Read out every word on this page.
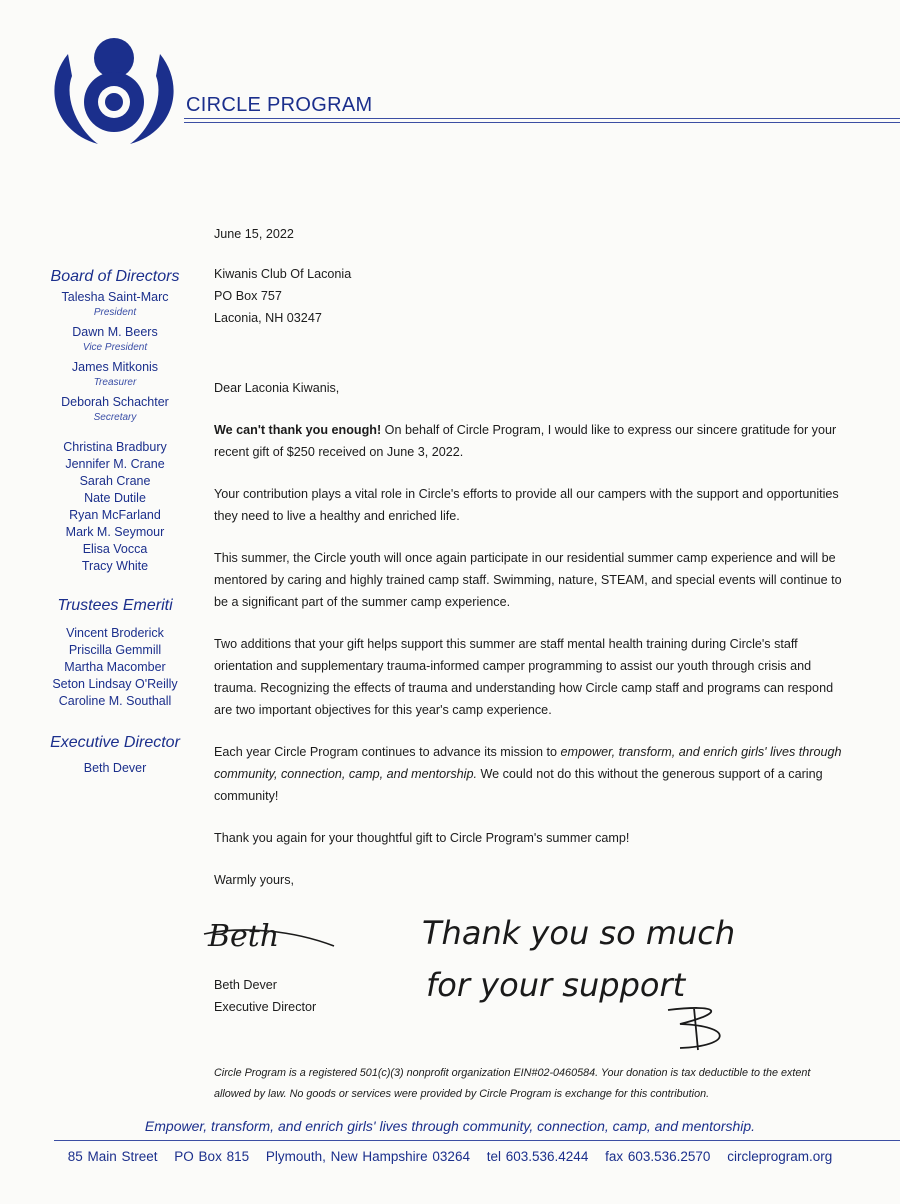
CIRCLE PROGRAM
Board of Directors
Talesha Saint-Marc
President
Dawn M. Beers
Vice President
James Mitkonis
Treasurer
Deborah Schachter
Secretary
Christina Bradbury
Jennifer M. Crane
Sarah Crane
Nate Dutile
Ryan McFarland
Mark M. Seymour
Elisa Vocca
Tracy White
Trustees Emeriti
Vincent Broderick
Priscilla Gemmill
Martha Macomber
Seton Lindsay O'Reilly
Caroline M. Southall
Executive Director
Beth Dever

June 15, 2022

Kiwanis Club Of Laconia

PO Box 757

Laconia, NH 03247

Dear Laconia Kiwanis,

We can't thank you enough! On behalf of Circle Program, I would like to express our sincere gratitude for your recent gift of $250 received on June 3, 2022.

Your contribution plays a vital role in Circle's efforts to provide all our campers with the support and opportunities they need to live a healthy and enriched life.

This summer, the Circle youth will once again participate in our residential summer camp experience and will be mentored by caring and highly trained camp staff. Swimming, nature, STEAM, and special events will continue to be a significant part of the summer camp experience.

Two additions that your gift helps support this summer are staff mental health training during Circle's staff orientation and supplementary trauma-informed camper programming to assist our youth through crisis and trauma. Recognizing the effects of trauma and understanding how Circle camp staff and programs can respond are two important objectives for this year's camp experience.

Each year Circle Program continues to advance its mission to empower, transform, and enrich girls' lives through community, connection, camp, and mentorship. We could not do this without the generous support of a caring community!

Thank you again for your thoughtful gift to Circle Program's summer camp!

Warmly yours,

Beth	Thank you so much
for your support
Beth Dever
Executive Director
Circle Program is a registered 501(c)(3) nonprofit organization EIN#02-0460584. Your donation is tax deductible to the extent allowed by law. No goods or services were provided by Circle Program is exchange for this contribution.
Empower, transform, and enrich girls' lives through community, connection, camp, and mentorship.
85 Main Street PO Box 815 Plymouth, New Hampshire 03264 tel 603.536.4244 fax 603.536.2570 circleprogram.org
